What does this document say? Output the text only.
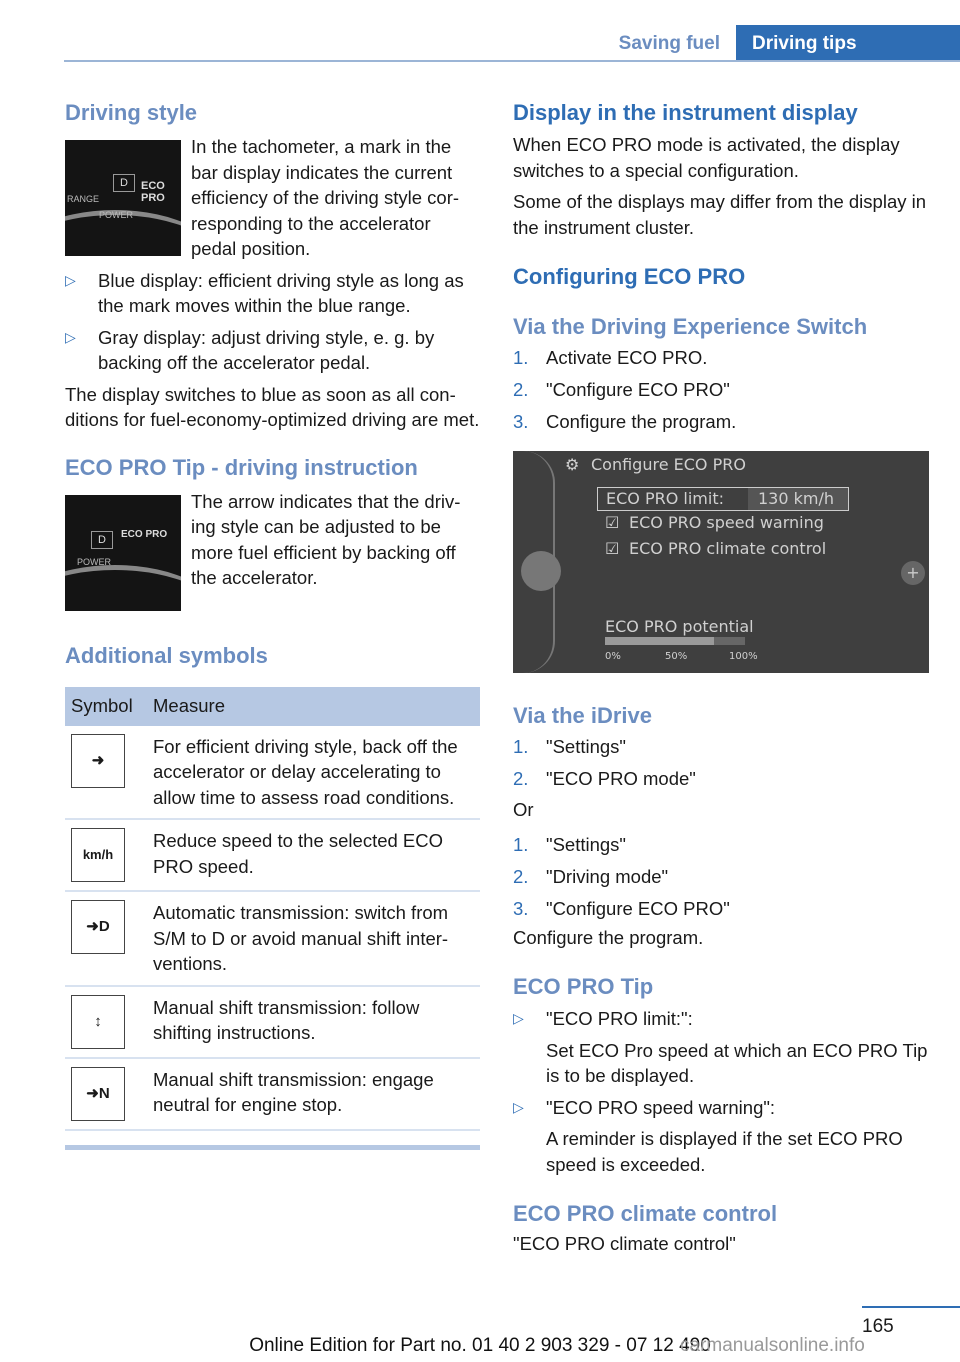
Saving fuel	Driving tips
Driving style
D	ECO PRO
RANGE
POWER

In the tachometer, a mark in the bar display indicates the current efficiency of the driving style cor- responding to the accelerator pedal position.

▷ Blue display: efficient driving style as long as the mark moves within the blue range.
▷ Gray display: adjust driving style, e. g. by backing off the accelerator pedal.

The display switches to blue as soon as all con- ditions for fuel-economy-optimized driving are met.

ECO PRO Tip - driving instruction
D	ECO PRO
POWER

The arrow indicates that the driv- ing style can be adjusted to be more fuel efficient by backing off the accelerator.

Additional symbols
Symbol	Measure

➜	For efficient driving style, back off the accelerator or delay accelerating to allow time to assess road conditions.

km/h	Reduce speed to the selected ECO PRO speed.

➜D	Automatic transmission: switch from S/M to D or avoid manual shift inter- ventions.

↕	Manual shift transmission: follow shifting instructions.

➜N	Manual shift transmission: engage neutral for engine stop.
Display in the instrument display

When ECO PRO mode is activated, the display switches to a special configuration.

Some of the displays may differ from the display in the instrument cluster.

Configuring ECO PRO
Via the Driving Experience Switch
1. Activate ECO PRO.
2. "Configure ECO PRO"
3. Configure the program.
+
⚙ Configure ECO PRO
ECO PRO limit: 130 km/h
☑ ECO PRO speed warning
☑ ECO PRO climate control
ECO PRO potential
0%	50%	100%
Via the iDrive
1. "Settings"
2. "ECO PRO mode"

Or

1. "Settings"
2. "Driving mode"
3. "Configure ECO PRO"

Configure the program.

ECO PRO Tip
▷ "ECO PRO limit:":
Set ECO Pro speed at which an ECO PRO Tip is to be displayed.
▷ "ECO PRO speed warning":
A reminder is displayed if the set ECO PRO speed is exceeded.
ECO PRO climate control

"ECO PRO climate control"

165
Online Edition for Part no. 01 40 2 903 329 - 07 12 490
carmanualsonline.info
